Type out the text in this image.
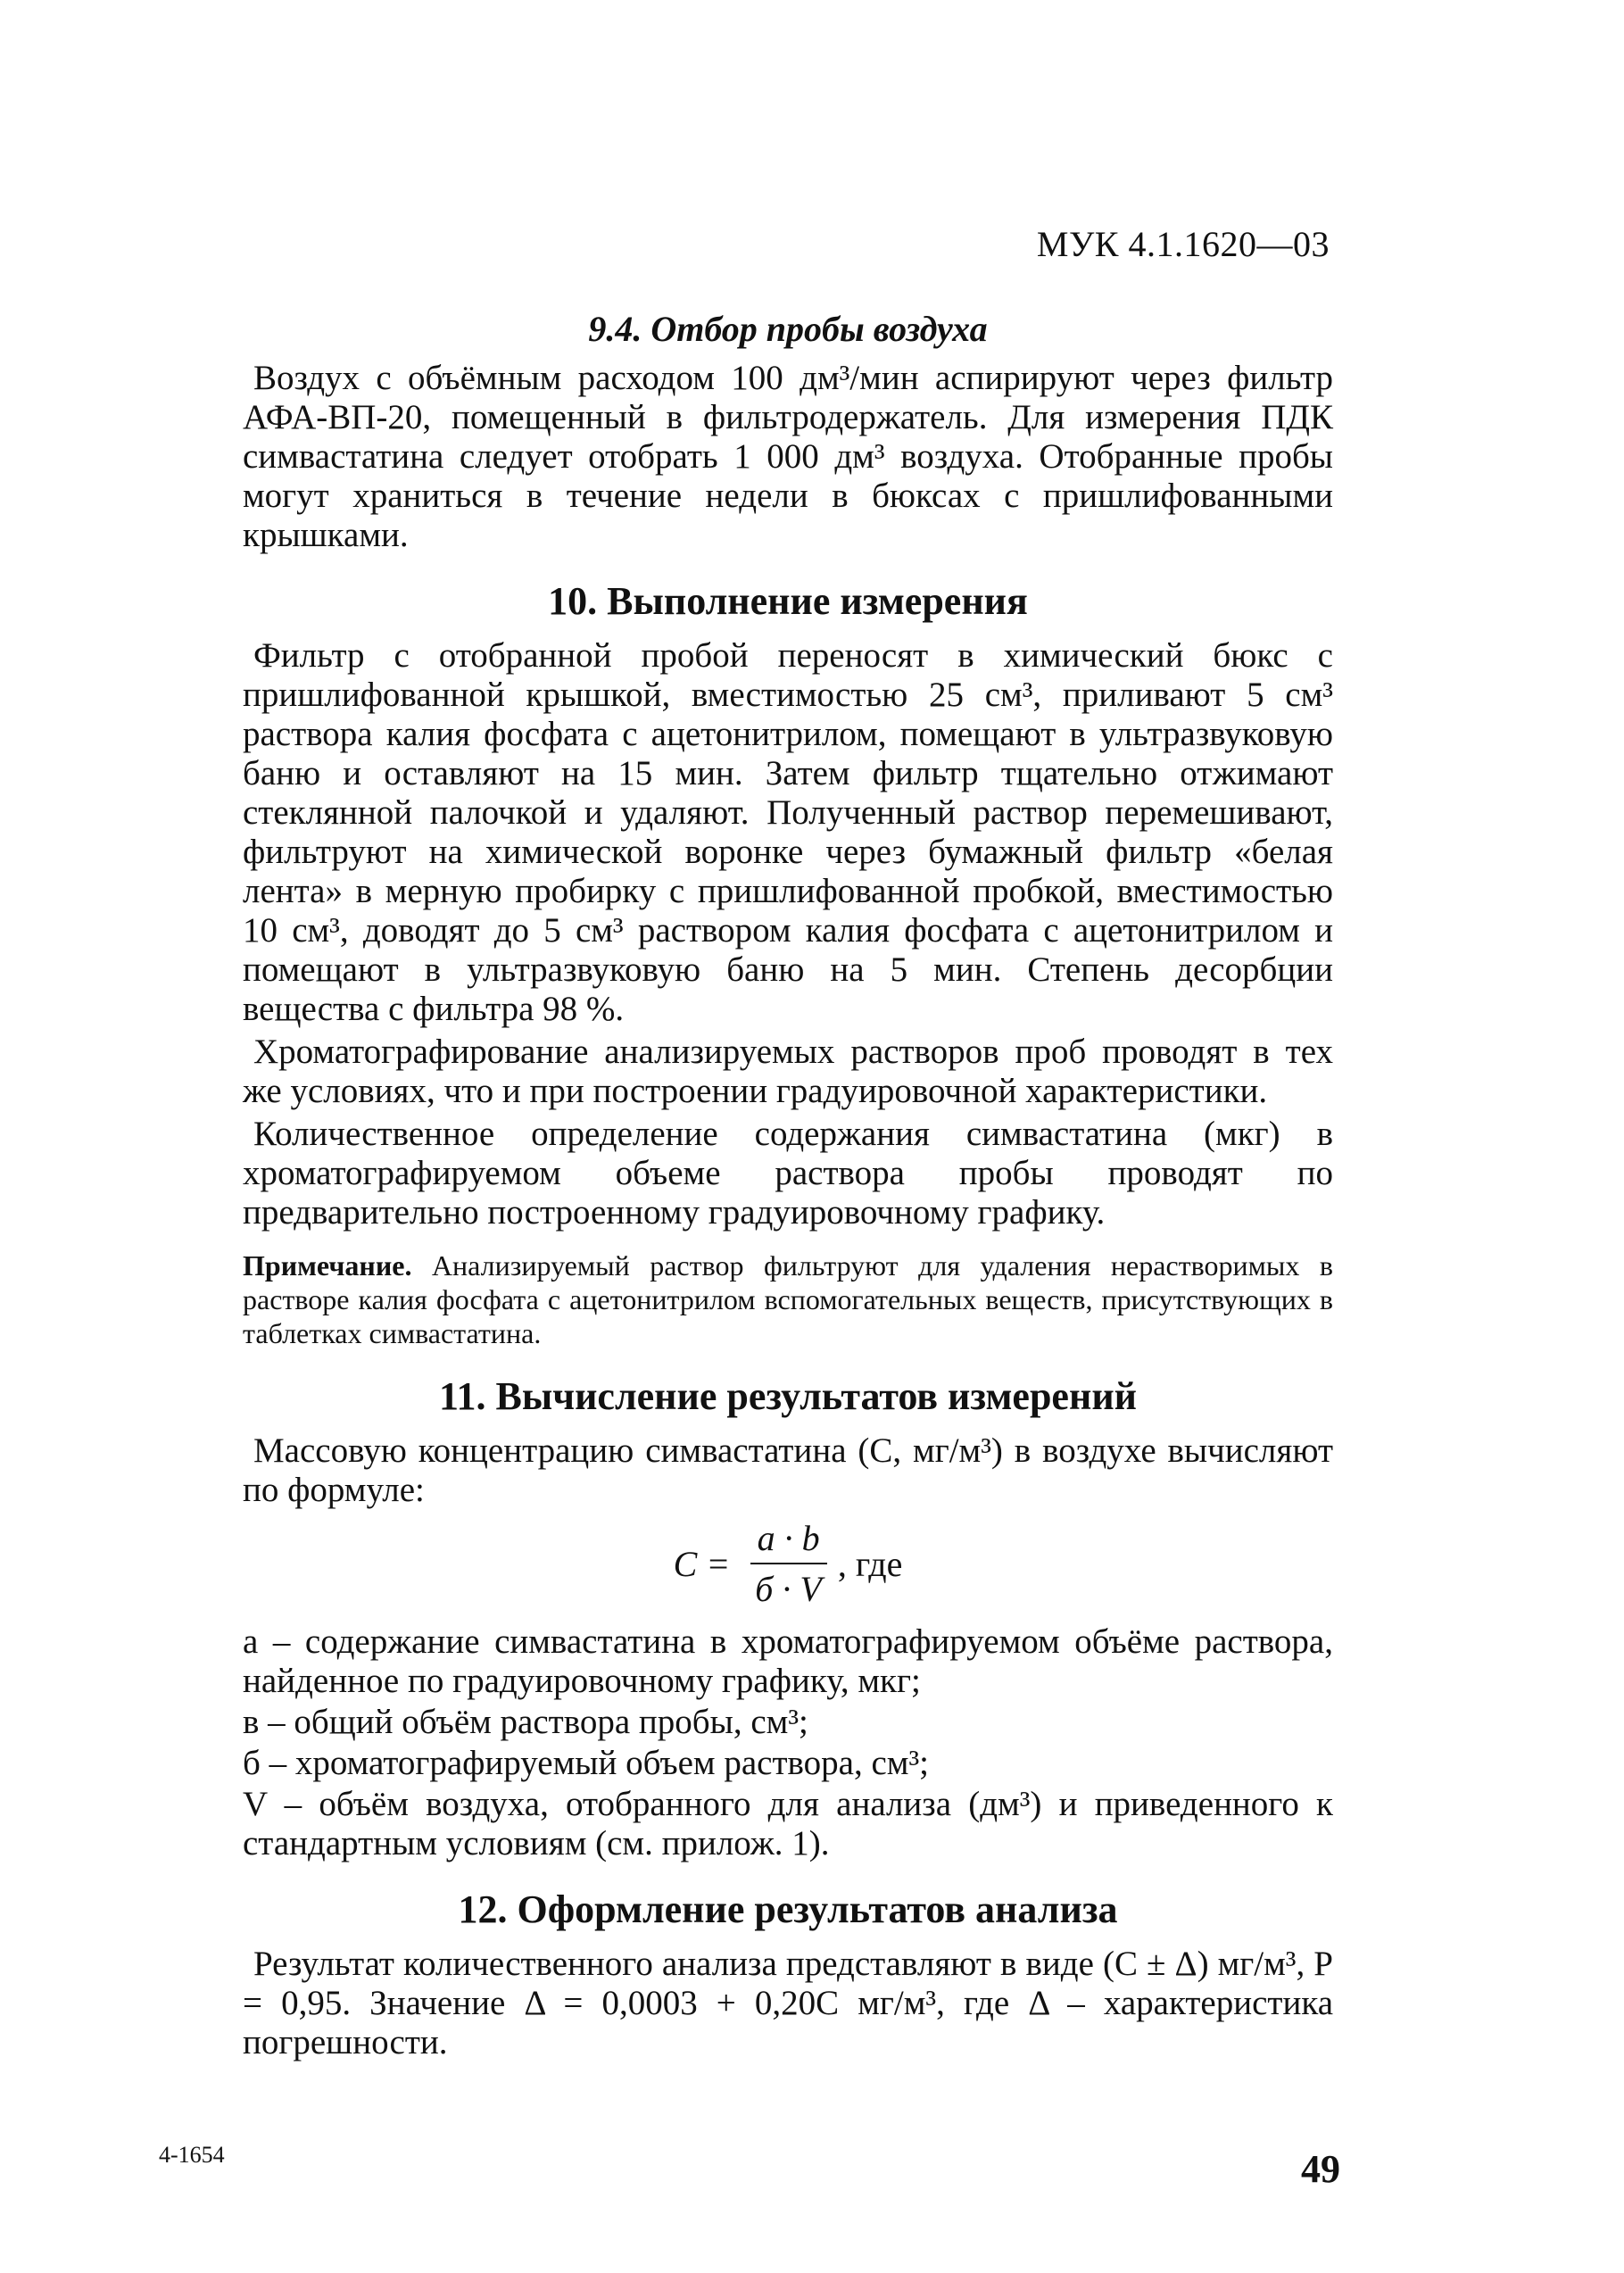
МУК 4.1.1620—03
9.4. Отбор пробы воздуха

Воздух с объёмным расходом 100 дм³/мин аспирируют через фильтр АФА-ВП-20, помещенный в фильтродержатель. Для измерения ПДК симвастатина следует отобрать 1 000 дм³ воздуха. Отобранные пробы могут храниться в течение недели в бюксах с пришлифованными крышками.

10. Выполнение измерения

Фильтр с отобранной пробой переносят в химический бюкс с пришлифованной крышкой, вместимостью 25 см³, приливают 5 см³ раствора калия фосфата с ацетонитрилом, помещают в ультразвуковую баню и оставляют на 15 мин. Затем фильтр тщательно отжимают стеклянной палочкой и удаляют. Полученный раствор перемешивают, фильтруют на химической воронке через бумажный фильтр «белая лента» в мерную пробирку с пришлифованной пробкой, вместимостью 10 см³, доводят до 5 см³ раствором калия фосфата с ацетонитрилом и помещают в ультразвуковую баню на 5 мин. Степень десорбции вещества с фильтра 98 %.

Хроматографирование анализируемых растворов проб проводят в тех же условиях, что и при построении градуировочной характеристики.

Количественное определение содержания симвастатина (мкг) в хроматографируемом объеме раствора пробы проводят по предварительно построенному градуировочному графику.

Примечание. Анализируемый раствор фильтруют для удаления нерастворимых в растворе калия фосфата с ацетонитрилом вспомогательных веществ, присутствующих в таблетках симвастатина.

11. Вычисление результатов измерений

Массовую концентрацию симвастатина (C, мг/м³) в воздухе вычисляют по формуле:

$C = \frac{a \cdot b}{б \cdot V}$ , где

а – содержание симвастатина в хроматографируемом объёме раствора, найденное по градуировочному графику, мкг;

в – общий объём раствора пробы, см³;

б – хроматографируемый объем раствора, см³;

V – объём воздуха, отобранного для анализа (дм³) и приведенного к стандартным условиям (см. прилож. 1).

12. Оформление результатов анализа

Результат количественного анализа представляют в виде (C ± Δ) мг/м³, P = 0,95. Значение Δ = 0,0003 + 0,20C мг/м³, где Δ – характеристика погрешности.

4-1654	49
